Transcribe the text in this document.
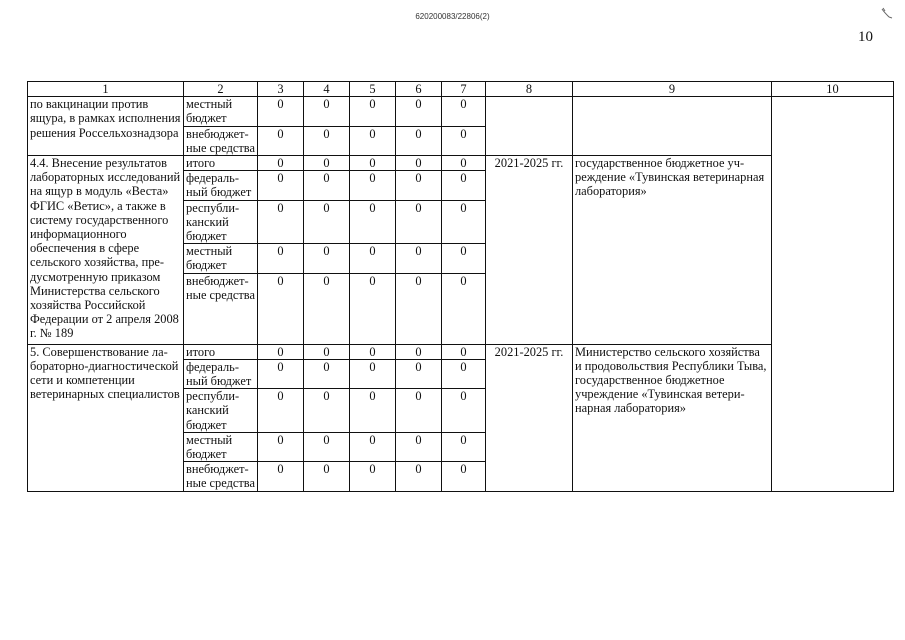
620200083/22806(2)
10
1	2	3	4	5	6	7	8	9	10
по вакцинации против ящура, в рамках исполнения решения Россельхознадзора	местный бюджет	0	0	0	0	0			
	внебюджетные средства	0	0	0	0	0			
4.4. Внесение результатов лабораторных исследований на ящур в модуль «Веста» ФГИС «Ветис», а также в систему государственного информационного обеспечения в сфере сельского хозяйства, предусмотренную приказом Министерства сельского хозяйства Российской Федерации от 2 апреля 2008 г. № 189	итого	0	0	0	0	0	2021-2025 гг.	государственное бюджетное учреждение «Тувинская ветеринарная лаборатория»	
	федеральный бюджет	0	0	0	0	0			
	республиканский бюджет	0	0	0	0	0			
	местный бюджет	0	0	0	0	0			
	внебюджетные средства	0	0	0	0	0			
5. Совершенствование лабораторно-диагностической сети и компетенции ветеринарных специалистов	итого	0	0	0	0	0	2021-2025 гг.	Министерство сельского хозяйства и продовольствия Республики Тыва, государственное бюджетное учреждение «Тувинская ветеринарная лаборатория»	
	федеральный бюджет	0	0	0	0	0			
	республиканский бюджет	0	0	0	0	0			
	местный бюджет	0	0	0	0	0			
	внебюджетные средства	0	0	0	0	0			
